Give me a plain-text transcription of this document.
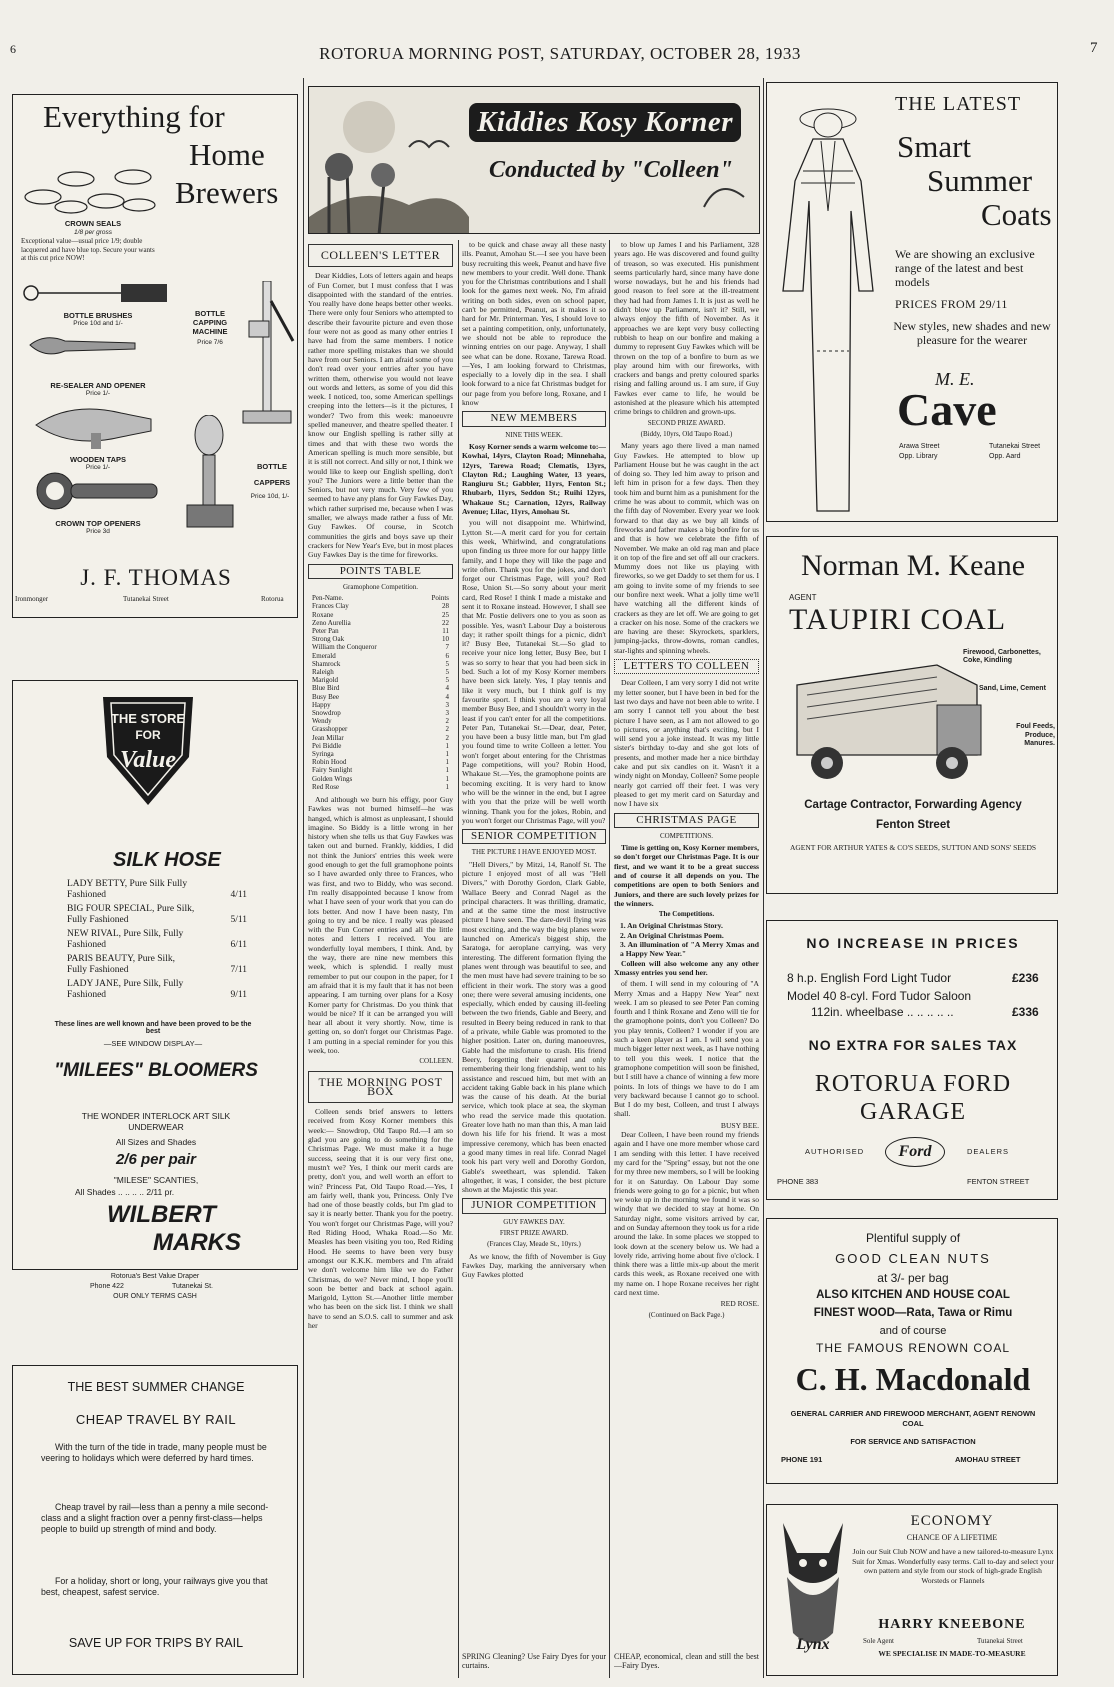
6	ROTORUA MORNING POST, SATURDAY, OCTOBER 28, 1933	7
Everything for
Home
Brewers
CROWN SEALS
1/8 per gross
Exceptional value—usual price 1/9; double lacquered and have blue top. Secure your wants at this cut price NOW!
BOTTLE BRUSHES
Price 10d and 1/-
BOTTLE CAPPING MACHINE
Price 7/6
RE-SEALER AND OPENER
Price 1/-
WOODEN TAPS
Price 1/-	BOTTLE CAPPERS
Price 10d, 1/-
CROWN TOP OPENERS
Price 3d
J. F. THOMAS
Ironmonger	Tutanekai Street	Rotorua
THE STORE
FOR
Value
SILK HOSE
LADY BETTY, Pure Silk Fully Fashioned	4/11
BIG FOUR SPECIAL, Pure Silk, Fully Fashioned	5/11
NEW RIVAL, Pure Silk, Fully Fashioned	6/11
PARIS BEAUTY, Pure Silk, Fully Fashioned	7/11
LADY JANE, Pure Silk, Fully Fashioned	9/11
These lines are well known and have been proved to be the best
—SEE WINDOW DISPLAY—
"MILEES" BLOOMERS
THE WONDER INTERLOCK ART SILK UNDERWEAR
All Sizes and Shades
2/6 per pair
"MILESE" SCANTIES,
All Shades .. .. .. .. 2/11 pr.
WILBERT
MARKS
Rotorua's Best Value Draper
Phone 422	Tutanekai St.
OUR ONLY TERMS CASH
THE BEST SUMMER CHANGE
CHEAP TRAVEL BY RAIL
With the turn of the tide in trade, many people must be veering to holidays which were deferred by hard times.
Cheap travel by rail—less than a penny a mile second-class and a slight fraction over a penny first-class—helps people to build up strength of mind and body.
For a holiday, short or long, your railways give you that best, cheapest, safest service.
SAVE UP FOR TRIPS BY RAIL
Kiddies Kosy Korner
Conducted by "Colleen"
COLLEEN'S LETTER

Dear Kiddies, Lots of letters again and heaps of Fun Corner, but I must confess that I was disappointed with the standard of the entries. You really have done heaps better other weeks. There were only four Seniors who attempted to describe their favourite picture and even those four were not as good as many other entries I have had from the same members. I notice rather more spelling mistakes than we should have from our Seniors. I am afraid some of you don't read over your entries after you have written them, otherwise you would not leave out words and letters, as some of you did this week. I noticed, too, some American spellings creeping into the letters—is it the pictures, I wonder? Two from this week: manoeuvre spelled maneuver, and theatre spelled theater. I know our English spelling is rather silly at times and that with these two words the American spelling is much more sensible, but it is still not correct. And silly or not, I think we would like to keep our English spelling, don't you? The Juniors were a little better than the Seniors, but not very much. Very few of you seemed to have any plans for Guy Fawkes Day, which rather surprised me, because when I was smaller, we always made rather a fuss of Mr. Guy Fawkes. Of course, in Scotch communities the girls and boys save up their crackers for New Year's Eve, but in most places Guy Fawkes Day is the time for fireworks.

POINTS TABLE
Gramophone Competition.
Pen-Name.	Points
Frances Clay	28
Roxane	25
Zeno Aurellia	22
Peter Pan	11
Strong Oak	10
William the Conqueror	7
Emerald	6
Shamrock	5
Raleigh	5
Marigold	5
Blue Bird	4
Busy Bee	4
Happy	3
Snowdrop	3
Wendy	2
Grasshopper	2
Jean Millar	2
Pei Biddle	1
Syringa	1
Robin Hood	1
Fairy Sunlight	1
Golden Wings	1
Red Rose	1

And although we burn his effigy, poor Guy Fawkes was not burned himself—he was hanged, which is almost as unpleasant, I should imagine. So Biddy is a little wrong in her history when she tells us that Guy Fawkes was taken out and burned. Frankly, kiddies, I did not think the Juniors' entries this week were good enough to get the full gramophone points so I have awarded only three to Frances, who was first, and two to Biddy, who was second. I'm really disappointed because I know from what I have seen of your work that you can do lots better. And now I have been nasty, I'm going to try and be nice. I really was pleased with the Fun Corner entries and all the little notes and letters I received. You are wonderfully loyal members, I think. And, by the way, there are nine new members this week, which is splendid. I really must remember to put our coupon in the paper, for I am afraid that it is my fault that it has not been appearing. I am turning over plans for a Kosy Korner party for Christmas. Do you think that would be nice? If it can be arranged you will hear all about it very shortly. Now, time is getting on, so don't forget our Christmas Page. I am putting in a special reminder for you this week, too.

COLLEEN.
THE MORNING POST BOX

Colleen sends brief answers to letters received from Kosy Korner members this week:— Snowdrop, Old Taupo Rd.—I am so glad you are going to do something for the Christmas Page. We must make it a huge success, seeing that it is our very first one, mustn't we? Yes, I think our merit cards are pretty, don't you, and well worth an effort to win? Princess Pat, Old Taupo Road.—Yes, I am fairly well, thank you, Princess. Only I've had one of those beastly colds, but I'm glad to say it is nearly better. Thank you for the poetry. You won't forget our Christmas Page, will you? Red Riding Hood, Whaka Road.—So Mr. Measles has been visiting you too, Red Riding Hood. He seems to have been very busy amongst our K.K.K. members and I'm afraid we don't welcome him like we do Father Christmas, do we? Never mind, I hope you'll soon be better and back at school again. Marigold, Lytton St.—Another little member who has been on the sick list. I think we shall have to send an S.O.S. call to summer and ask her

to be quick and chase away all these nasty ills. Peanut, Amohau St.—I see you have been busy recruiting this week, Peanut and have five new members to your credit. Well done. Thank you for the Christmas contributions and I shall look for the games next week. No, I'm afraid writing on both sides, even on school paper, can't be permitted, Peanut, as it makes it so hard for Mr. Printerman. Yes, I should love to set a painting competition, only, unfortunately, we should not be able to reproduce the winning entries on our page. Anyway, I shall see what can be done. Roxane, Tarewa Road.—Yes, I am looking forward to Christmas, especially to a lovely dip in the sea. I shall look forward to a nice fat Christmas budget for our page from you before long, Roxane, and I know

NEW MEMBERS
NINE THIS WEEK.

Kosy Korner sends a warm welcome to:—Kowhai, 14yrs, Clayton Road; Minnehaha, 12yrs, Tarewa Road; Clematis, 13yrs, Clayton Rd.; Laughing Water, 13 years, Rangiuru St.; Gabbler, 11yrs, Fenton St.; Rhubarb, 11yrs, Seddon St.; Ruihi 12yrs, Whakaue St.; Carnation, 12yrs, Railway Avenue; Lilac, 11yrs, Amohau St.

you will not disappoint me. Whirlwind, Lytton St.—A merit card for you for certain this week, Whirlwind, and congratulations upon finding us three more for our happy little family, and I hope they will like the page and write often. Thank you for the jokes, and don't forget our Christmas Page, will you? Red Rose, Union St.—So sorry about your merit card, Red Rose! I think I made a mistake and sent it to Roxane instead. However, I shall see that Mr. Postie delivers one to you as soon as possible. Yes, wasn't Labour Day a boisterous day; it rather spoilt things for a picnic, didn't it? Busy Bee, Tutanekai St.—So glad to receive your nice long letter, Busy Bee, but I was so sorry to hear that you had been sick in bed. Such a lot of my Kosy Korner members have been sick lately. Yes, I play tennis and like it very much, but I think golf is my favourite sport. I think you are a very loyal member Busy Bee, and I shouldn't worry in the least if you can't enter for all the competitions. Peter Pan, Tutanekai St.—Dear, dear, Peter, you have been a busy little man, but I'm glad you found time to write Colleen a letter. You won't forget about entering for the Christmas Page competitions, will you? Robin Hood, Whakaue St.—Yes, the gramophone points are becoming exciting. It is very hard to know who will be the winner in the end, but I agree with you that the prize will be well worth winning. Thank you for the jokes, Robin, and you won't forget our Christmas Page, will you?

SENIOR COMPETITION
THE PICTURE I HAVE ENJOYED MOST.

"Hell Divers," by Mitzi, 14, Ranolf St. The picture I enjoyed most of all was "Hell Divers," with Dorothy Gordon, Clark Gable, Wallace Beery and Conrad Nagel as the principal characters. It was thrilling, dramatic, and at the same time the most instructive picture I have seen. The dare-devil flying was most exciting, and the way the big planes were launched on America's biggest ship, the Saratoga, for aeroplane carrying, was very interesting. The different formation flying the planes went through was beautiful to see, and the men must have had severe training to be so efficient in their work. The story was a good one; there were several amusing incidents, one especially, which ended by causing ill-feeling between the two friends, Gable and Beery, and resulted in Beery being reduced in rank to that of a private, while Gable was promoted to the higher position. Later on, during manoeuvres, Gable had the misfortune to crash. His friend Beery, forgetting their quarrel and only remembering their long friendship, went to his assistance and rescued him, but met with an accident taking Gable back in his plane which was the cause of his death. At the burial service, which took place at sea, the skyman who read the service made this quotation. Greater love hath no man than this, A man laid down his life for his friend. It was a most impressive ceremony, which has been enacted a good many times in real life. Conrad Nagel took his part very well and Dorothy Gordon, Gable's sweetheart, was splendid. Taken altogether, it was, I consider, the best picture shown at the Majestic this year.

JUNIOR COMPETITION
GUY FAWKES DAY.
FIRST PRIZE AWARD.
(Frances Clay, Meade St., 10yrs.)

As we know, the fifth of November is Guy Fawkes Day, marking the anniversary when Guy Fawkes plotted

SPRING Cleaning? Use Fairy Dyes for your curtains.

to blow up James I and his Parliament, 328 years ago. He was discovered and found guilty of treason, so was executed. His punishment seems particularly hard, since many have done worse nowadays, but he and his friends had good reason to feel sore at the ill-treatment they had had from James I. It is just as well he didn't blow up Parliament, isn't it? Still, we always enjoy the fifth of November. As it approaches we are kept very busy collecting rubbish to heap on our bonfire and making a dummy to represent Guy Fawkes which will be thrown on the top of a bonfire to burn as we play around him with our fireworks, with crackers and bangs and pretty coloured sparks rising and falling around us. I am sure, if Guy Fawkes ever came to life, he would be astonished at the pleasure which his attempted crime brings to children and grown-ups.

SECOND PRIZE AWARD.
(Biddy, 10yrs, Old Taupo Road.)

Many years ago there lived a man named Guy Fawkes. He attempted to blow up Parliament House but he was caught in the act of doing so. They led him away to prison and left him in prison for a few days. Then they took him and burnt him as a punishment for the crime he was about to commit, which was on the fifth day of November. Every year we look forward to that day as we buy all kinds of fireworks and father makes a big bonfire for us and that is how we celebrate the fifth of November. We make an old rag man and place it on top of the fire and set off all our crackers. Mummy does not like us playing with fireworks, so we get Daddy to set them for us. I am going to invite some of my friends to see our bonfire next week. What a jolly time we'll have watching all the different kinds of crackers as they are let off. We are going to get a cracker on his nose. Some of the crackers we are having are these: Skyrockets, sparklers, jumping-jacks, throw-downs, roman candles, star-lights and spinning wheels.

LETTERS TO COLLEEN

Dear Colleen, I am very sorry I did not write my letter sooner, but I have been in bed for the last two days and have not been able to write. I am sorry I cannot tell you about the best picture I have seen, as I am not allowed to go to pictures, or anything that's exciting, but I will send you a joke instead. It was my little sister's birthday to-day and she got lots of presents, and mother made her a nice birthday cake and put six candles on it. Wasn't it a windy night on Monday, Colleen? Some people nearly got carried off their feet. I was very pleased to get my merit card on Saturday and now I have six

CHRISTMAS PAGE
COMPETITIONS.

Time is getting on, Kosy Korner members, so don't forget our Christmas Page. It is our first, and we want it to be a great success and of course it all depends on you. The competitions are open to both Seniors and Juniors, and there are such lovely prizes for the winners.

The Competitions.
1. An Original Christmas Story.
2. An Original Christmas Poem.
3. An illumination of "A Merry Xmas and a Happy New Year."

Colleen will also welcome any any other Xmassy entries you send her.

of them. I will send in my colouring of "A Merry Xmas and a Happy New Year" next week. I am so pleased to see Peter Pan coming fourth and I think Roxane and Zeno will tie for the gramophone points, don't you Colleen? Do you play tennis, Colleen? I wonder if you are such a keen player as I am. I will send you a much bigger letter next week, as I have nothing to tell you this week. I notice that the gramophone competition will soon be finished, but I still have a chance of winning a few more points. In lots of things we have to do I am very backward because I cannot go to school. But I do my best, Colleen, and trust I always shall.

BUSY BEE.

Dear Colleen, I have been round my friends again and I have one more member whose card I am sending with this letter. I have received my card for the "Spring" essay, but not the one for my three new members, so I will be looking for it on Saturday. On Labour Day some friends were going to go for a picnic, but when we woke up in the morning we found it was so windy that we decided to stay at home. On Saturday night, some visitors arrived by car, and on Sunday afternoon they took us for a ride around the lake. In some places we stopped to look down at the scenery below us. We had a lovely ride, arriving home about five o'clock. I think there was a little mix-up about the merit cards this week, as Roxane received one with my name on. I hope Roxane receives her right card next time.

RED ROSE.
(Continued on Back Page.)
CHEAP, economical, clean and still the best—Fairy Dyes.
THE LATEST
Smart
Summer
Coats
We are showing an exclusive range of the latest and best models
PRICES FROM 29/11
New styles, new shades and new pleasure for the wearer
M. E.
Cave
Arawa Street
Opp. Library
Tutanekai Street
Opp. Aard
Norman M. Keane
AGENT
TAUPIRI COAL
Firewood, Carbonettes, Coke, Kindling
Sand, Lime, Cement
Foul Feeds, Produce, Manures.
Cartage Contractor, Forwarding Agency
Fenton Street
AGENT FOR ARTHUR YATES & CO'S SEEDS, SUTTON AND SONS' SEEDS
NO INCREASE IN PRICES
8 h.p. English Ford Light Tudor	£236
Model 40 8-cyl. Ford Tudor Saloon
112in. wheelbase .. .. .. .. ..	£336
NO EXTRA FOR SALES TAX
ROTORUA FORD
GARAGE
AUTHORISED	Ford	DEALERS
PHONE 383	FENTON STREET
Plentiful supply of
GOOD CLEAN NUTS
at 3/- per bag
ALSO KITCHEN AND HOUSE COAL
FINEST WOOD—Rata, Tawa or Rimu
and of course
THE FAMOUS RENOWN COAL
C. H. Macdonald
GENERAL CARRIER AND FIREWOOD MERCHANT, AGENT RENOWN COAL
FOR SERVICE AND SATISFACTION
PHONE 191	AMOHAU STREET
Lynx
ECONOMY
CHANCE OF A LIFETIME
Join our Suit Club NOW and have a new tailored-to-measure Lynx Suit for Xmas. Wonderfully easy terms. Call to-day and select your own pattern and style from our stock of high-grade English Worsteds or Flannels
HARRY KNEEBONE
Sole Agent	Tutanekai Street
WE SPECIALISE IN MADE-TO-MEASURE
